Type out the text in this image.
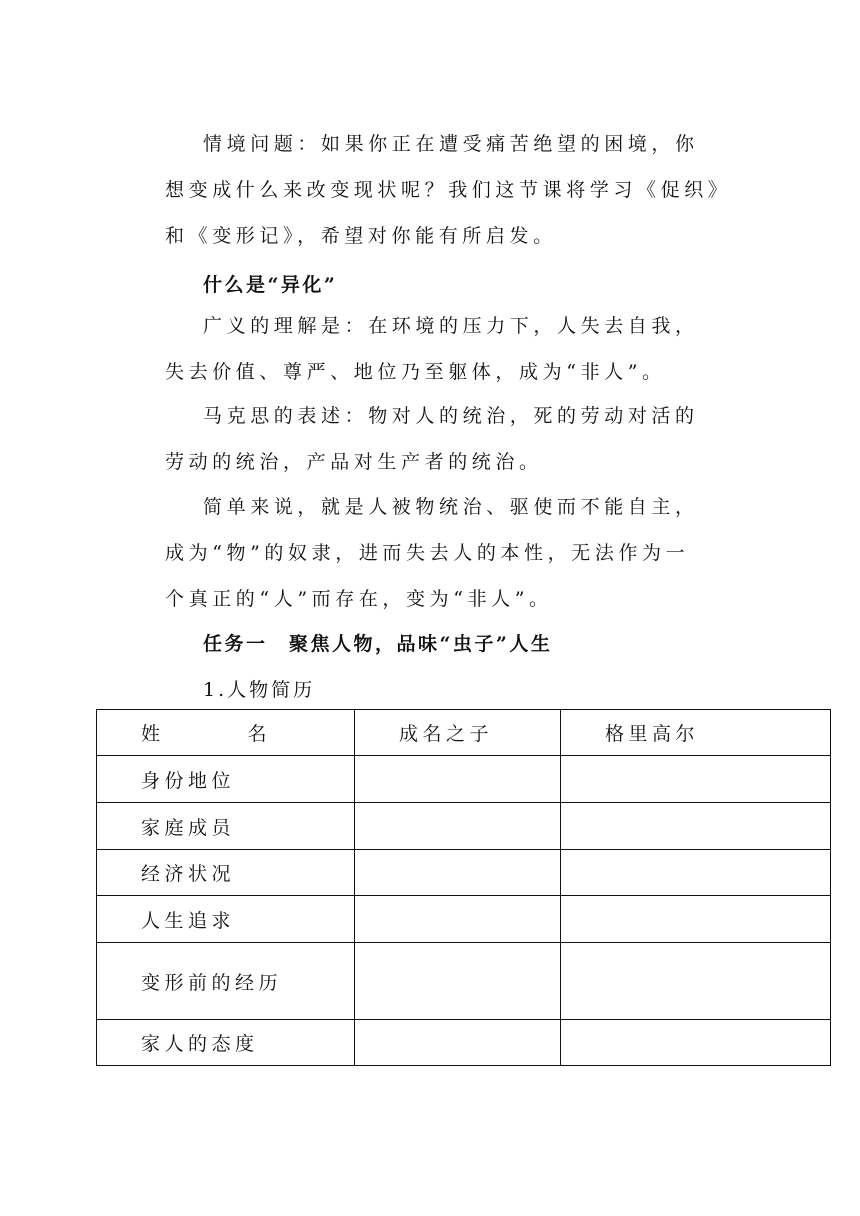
情境问题：如果你正在遭受痛苦绝望的困境，你
想变成什么来改变现状呢？我们这节课将学习《促织》
和《变形记》，希望对你能有所启发。

什么是“异化”

广义的理解是：在环境的压力下，人失去自我，
失去价值、尊严、地位乃至躯体，成为“非人”。

马克思的表述：物对人的统治，死的劳动对活的
劳动的统治，产品对生产者的统治。

简单来说，就是人被物统治、驱使而不能自主，
成为“物”的奴隶，进而失去人的本性，无法作为一
个真正的“人”而存在，变为“非人”。

任务一　聚焦人物，品味“虫子”人生

1.人物简历

姓 名	成名之子	格里高尔
身份地位		
家庭成员		
经济状况		
人生追求		
变形前的经历		
家人的态度		
